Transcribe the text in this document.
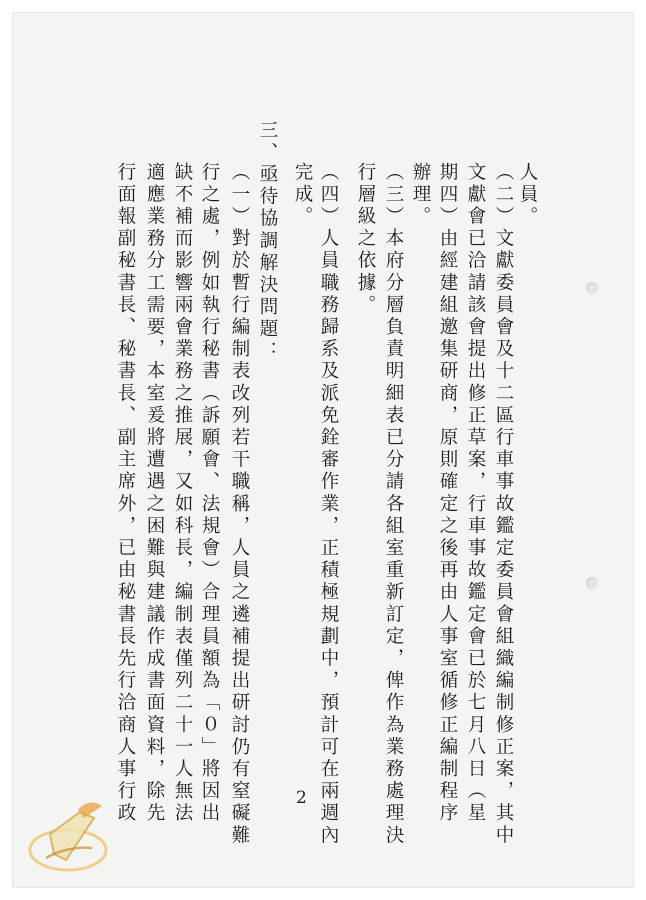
人員。
（二）文獻委員會及十二區行車事故鑑定委員會組織編制修正案，其中
文獻會已洽請該會提出修正草案，行車事故鑑定會已於七月八日（星
期四）由經建組邀集研商，原則確定之後再由人事室循修正編制程序
辦理。
（三）本府分層負責明細表已分請各組室重新訂定，俾作為業務處理決
行層級之依據。
（四）人員職務歸系及派免銓審作業，正積極規劃中，預計可在兩週內
完成。
三、亟待協調解決問題：
（一）對於暫行編制表改列若干職稱，人員之遴補提出研討仍有窒礙難
行之處，例如執行秘書（訴願會、法規會）合理員額為「０」將因出
缺不補而影響兩會業務之推展，又如科長，編制表僅列二十一人無法
適應業務分工需要，本室爰將遭遇之困難與建議作成書面資料，除先
行面報副秘書長、秘書長、副主席外，已由秘書長先行洽商人事行政	2
